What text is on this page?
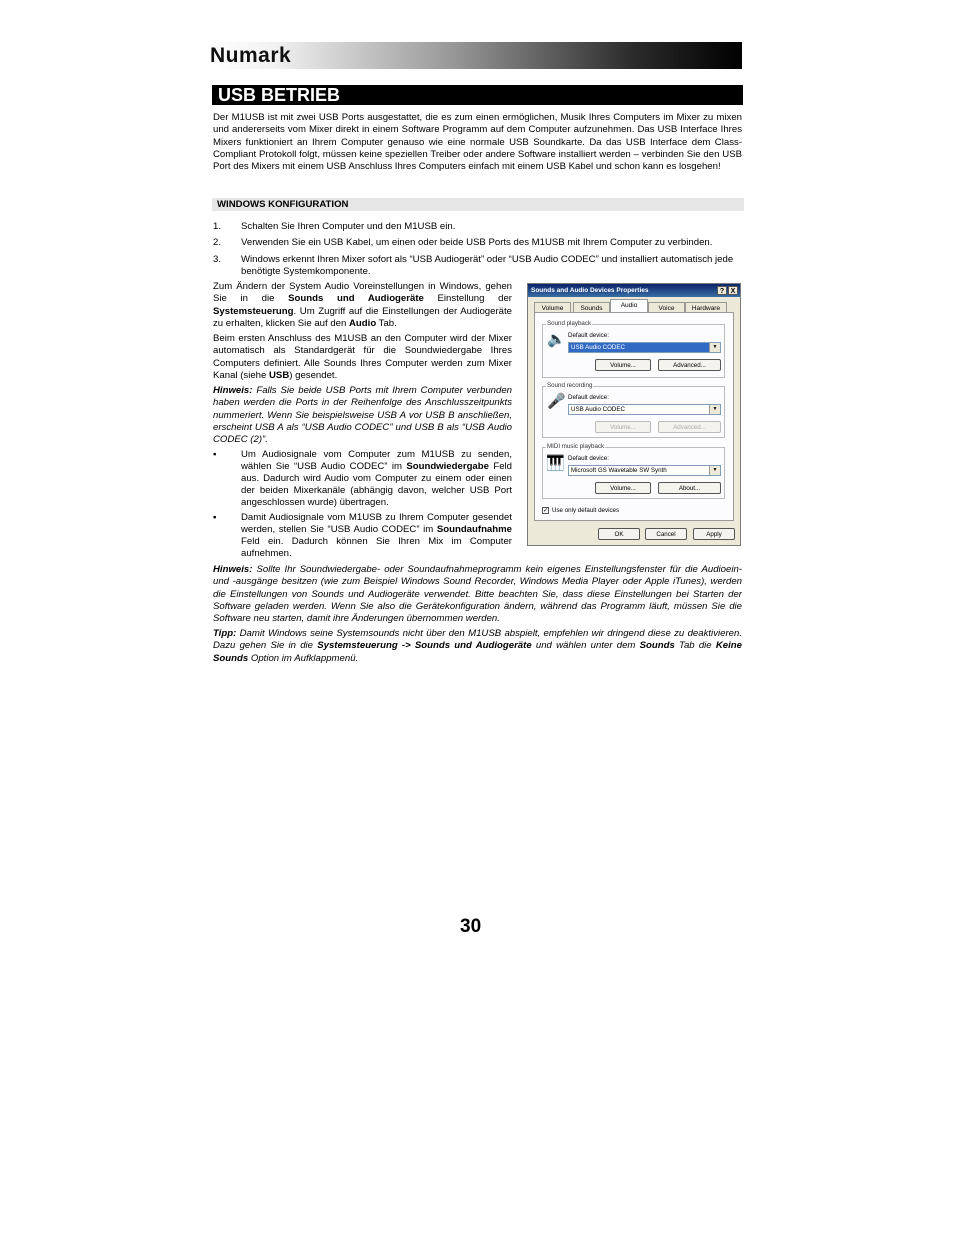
Numark
USB BETRIEB
Der M1USB ist mit zwei USB Ports ausgestattet, die es zum einen ermöglichen, Musik Ihres Computers im Mixer zu mixen und andererseits vom Mixer direkt in einem Software Programm auf dem Computer aufzunehmen. Das USB Interface Ihres Mixers funktioniert an Ihrem Computer genauso wie eine normale USB Soundkarte. Da das USB Interface dem Class-Compliant Protokoll folgt, müssen keine speziellen Treiber oder andere Software installiert werden – verbinden Sie den USB Port des Mixers mit einem USB Anschluss Ihres Computers einfach mit einem USB Kabel und schon kann es losgehen!
WINDOWS KONFIGURATION
1. Schalten Sie Ihren Computer und den M1USB ein.
2. Verwenden Sie ein USB Kabel, um einen oder beide USB Ports des M1USB mit Ihrem Computer zu verbinden.
3. Windows erkennt Ihren Mixer sofort als “USB Audiogerät” oder “USB Audio CODEC” und installiert automatisch jede benötigte Systemkomponente.
Zum Ändern der System Audio Voreinstellungen in Windows, gehen Sie in die Sounds und Audiogeräte Einstellung der Systemsteuerung. Um Zugriff auf die Einstellungen der Audiogeräte zu erhalten, klicken Sie auf den Audio Tab.
Beim ersten Anschluss des M1USB an den Computer wird der Mixer automatisch als Standardgerät für die Soundwiedergabe Ihres Computers definiert. Alle Sounds Ihres Computer werden zum Mixer Kanal (siehe USB) gesendet.
Hinweis: Falls Sie beide USB Ports mit Ihrem Computer verbunden haben werden die Ports in der Reihenfolge des Anschlusszeitpunkts nummeriert. Wenn Sie beispielsweise USB A vor USB B anschließen, erscheint USB A als “USB Audio CODEC” und USB B als “USB Audio CODEC (2)”.
▪	Um Audiosignale vom Computer zum M1USB zu senden, wählen Sie “USB Audio CODEC” im Soundwiedergabe Feld aus. Dadurch wird Audio vom Computer zu einem oder einen der beiden Mixerkanäle (abhängig davon, welcher USB Port angeschlossen wurde) übertragen.
▪	Damit Audiosignale vom M1USB zu Ihrem Computer gesendet werden, stellen Sie “USB Audio CODEC” im Soundaufnahme Feld ein. Dadurch können Sie Ihren Mix im Computer aufnehmen.
Hinweis: Sollte Ihr Soundwiedergabe- oder Soundaufnahmeprogramm kein eigenes Einstellungsfenster für die Audioein- und -ausgänge besitzen (wie zum Beispiel Windows Sound Recorder, Windows Media Player oder Apple iTunes), werden die Einstellungen von Sounds und Audiogeräte verwendet. Bitte beachten Sie, dass diese Einstellungen bei Starten der Software geladen werden. Wenn Sie also die Gerätekonfiguration ändern, während das Programm läuft, müssen Sie die Software neu starten, damit ihre Änderungen übernommen werden.
Tipp: Damit Windows seine Systemsounds nicht über den M1USB abspielt, empfehlen wir dringend diese zu deaktivieren. Dazu gehen Sie in die Systemsteuerung -> Sounds und Audiogeräte und wählen unter dem Sounds Tab die Keine Sounds Option im Aufklappmenü.
30
Sounds and Audio Devices Properties	? X
Volume	Sounds	Audio	Voice	Hardware
Sound playback
🔈 Default device:
USB Audio CODEC	▼
Volume...	Advanced...
Sound recording
🎤 Default device:
USB Audio CODEC	▼
Volume...	Advanced...
MIDI music playback
🎹 Default device:
Microsoft GS Wavetable SW Synth	▼
Volume...	About...
✓ Use only default devices
OK	Cancel	Apply
